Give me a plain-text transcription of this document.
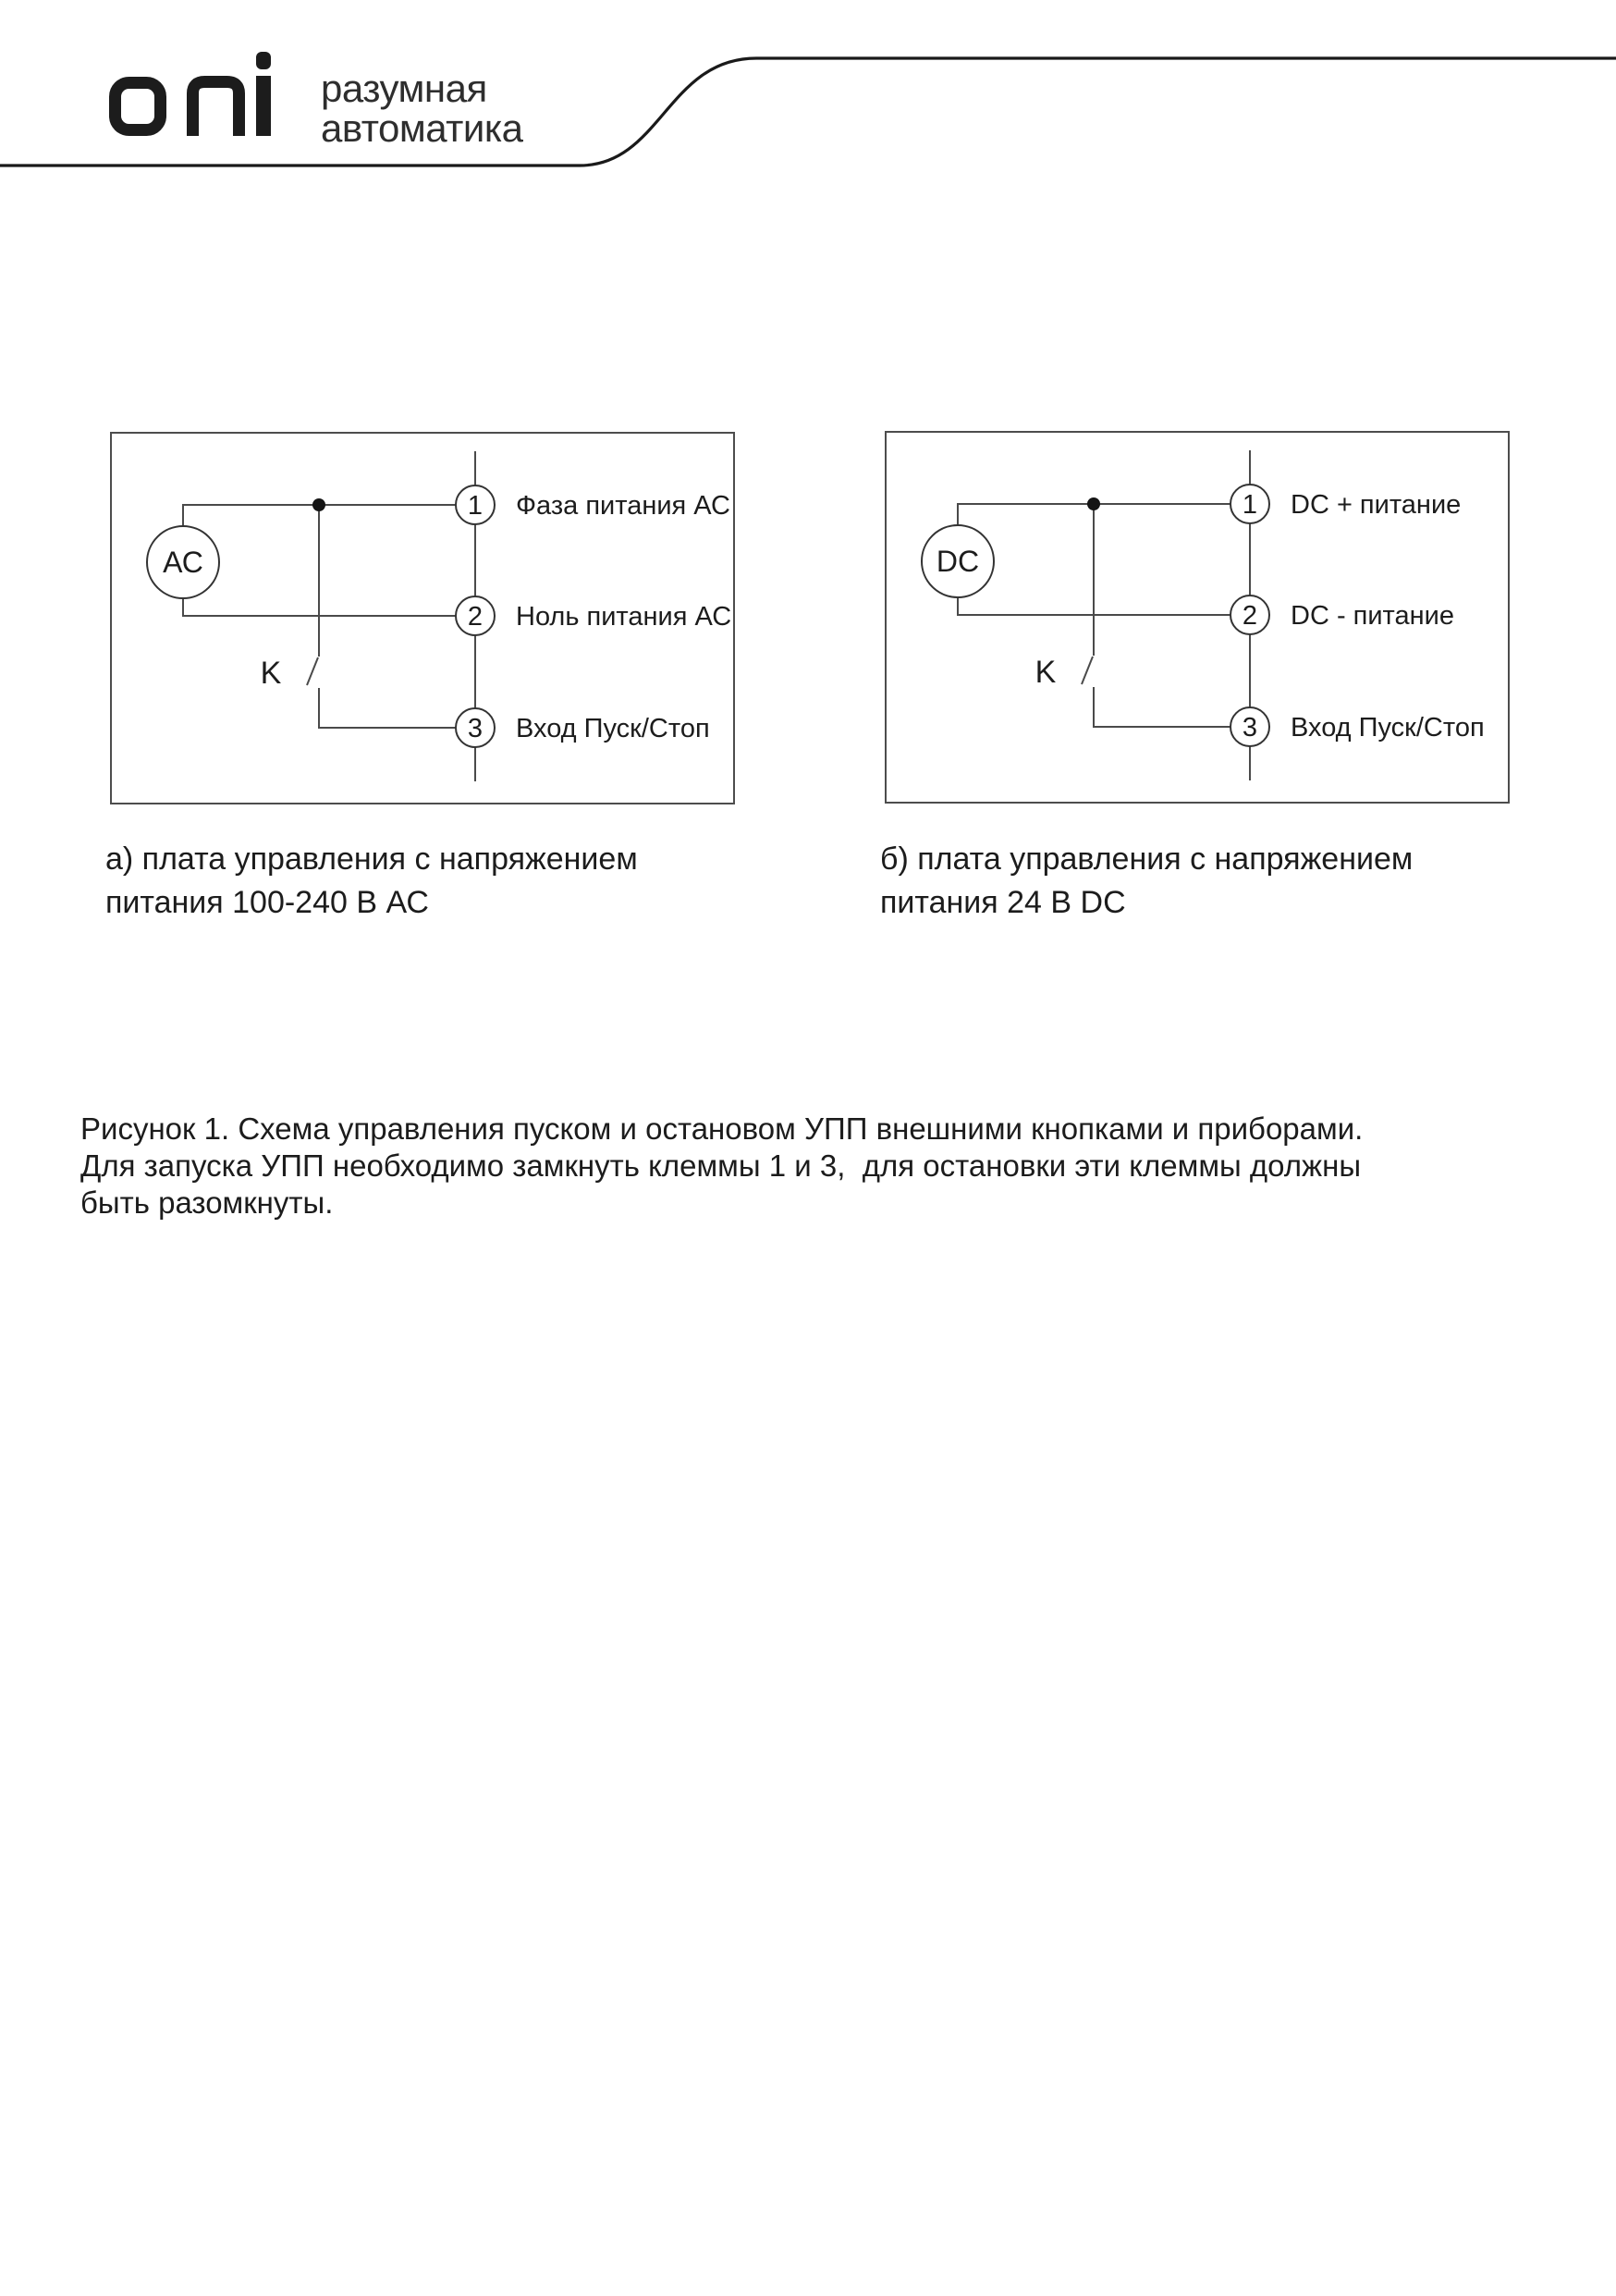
разумная
автоматика
АС
K
1 Фаза питания АС
2 Ноль питания АС
3 Вход Пуск/Стоп
DC
K
1 DC + питание
2 DC - питание
3 Вход Пуск/Стоп
а) плата управления с напряжением
питания 100-240 В АС
б) плата управления с напряжением
питания 24 В DC
Рисунок 1. Схема управления пуском и остановом УПП внешними кнопками и приборами.
Для запуска УПП необходимо замкнуть клеммы 1 и 3,  для остановки эти клеммы должны
быть разомкнуты.
